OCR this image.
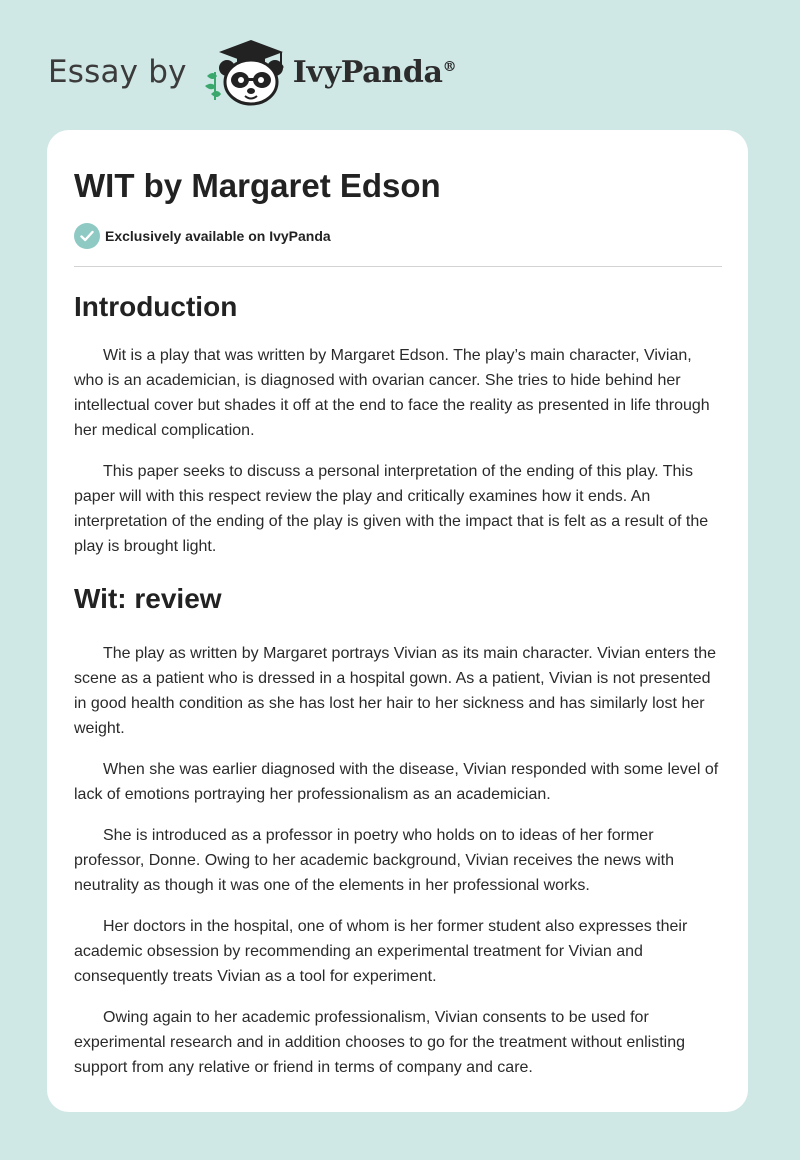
Essay by	IvyPanda®
WIT by Margaret Edson
Exclusively available on IvyPanda
Introduction

Wit is a play that was written by Margaret Edson. The play’s main character, Vivian, who is an academician, is diagnosed with ovarian cancer. She tries to hide behind her intellectual cover but shades it off at the end to face the reality as presented in life through her medical complication.

This paper seeks to discuss a personal interpretation of the ending of this play. This paper will with this respect review the play and critically examines how it ends. An interpretation of the ending of the play is given with the impact that is felt as a result of the play is brought light.

Wit: review

The play as written by Margaret portrays Vivian as its main character. Vivian enters the scene as a patient who is dressed in a hospital gown. As a patient, Vivian is not presented in good health condition as she has lost her hair to her sickness and has similarly lost her weight.

When she was earlier diagnosed with the disease, Vivian responded with some level of lack of emotions portraying her professionalism as an academician.

She is introduced as a professor in poetry who holds on to ideas of her former professor, Donne. Owing to her academic background, Vivian receives the news with neutrality as though it was one of the elements in her professional works.

Her doctors in the hospital, one of whom is her former student also expresses their academic obsession by recommending an experimental treatment for Vivian and consequently treats Vivian as a tool for experiment.

Owing again to her academic professionalism, Vivian consents to be used for experimental research and in addition chooses to go for the treatment without enlisting support from any relative or friend in terms of company and care.
